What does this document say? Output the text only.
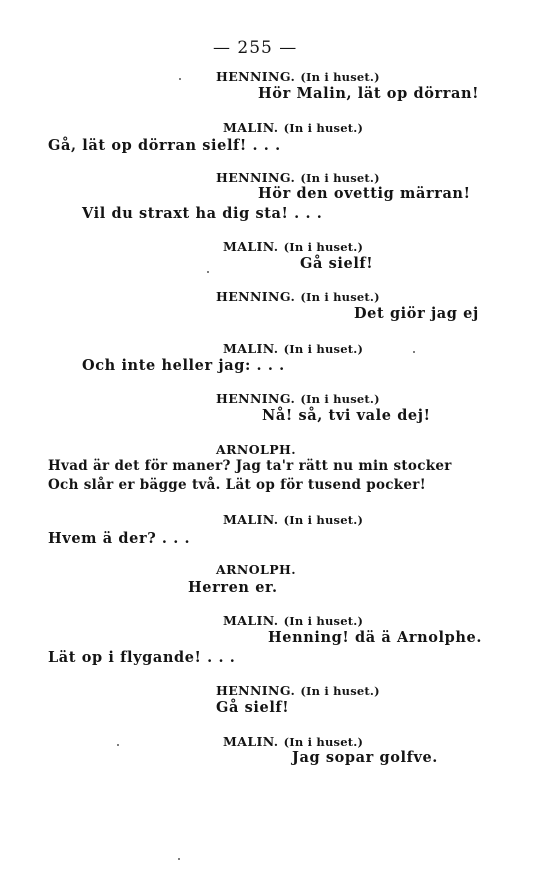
— 255 —
HENNING. (In i huset.)
Hör Malin, lät op dörran!
MALIN. (In i huset.)
Gå, lät op dörran sielf! . . .
HENNING. (In i huset.)
Hör den ovettig märran!
Vil du straxt ha dig sta! . . .
MALIN. (In i huset.)
Gå sielf!
HENNING. (In i huset.)
Det giör jag ej
MALIN. (In i huset.)
Och inte heller jag: . . .
HENNING. (In i huset.)
Nå! så, tvi vale dej!
ARNOLPH.
Hvad är det för maner? Jag ta'r rätt nu min stocker
Och slår er bägge två. Lät op för tusend pocker!
MALIN. (In i huset.)
Hvem ä der? . . .
ARNOLPH.
Herren er.
MALIN. (In i huset.)
Henning! dä ä Arnolphe.
Lät op i flygande! . . .
HENNING. (In i huset.)
Gå sielf!
MALIN. (In i huset.)
Jag sopar golfve.
